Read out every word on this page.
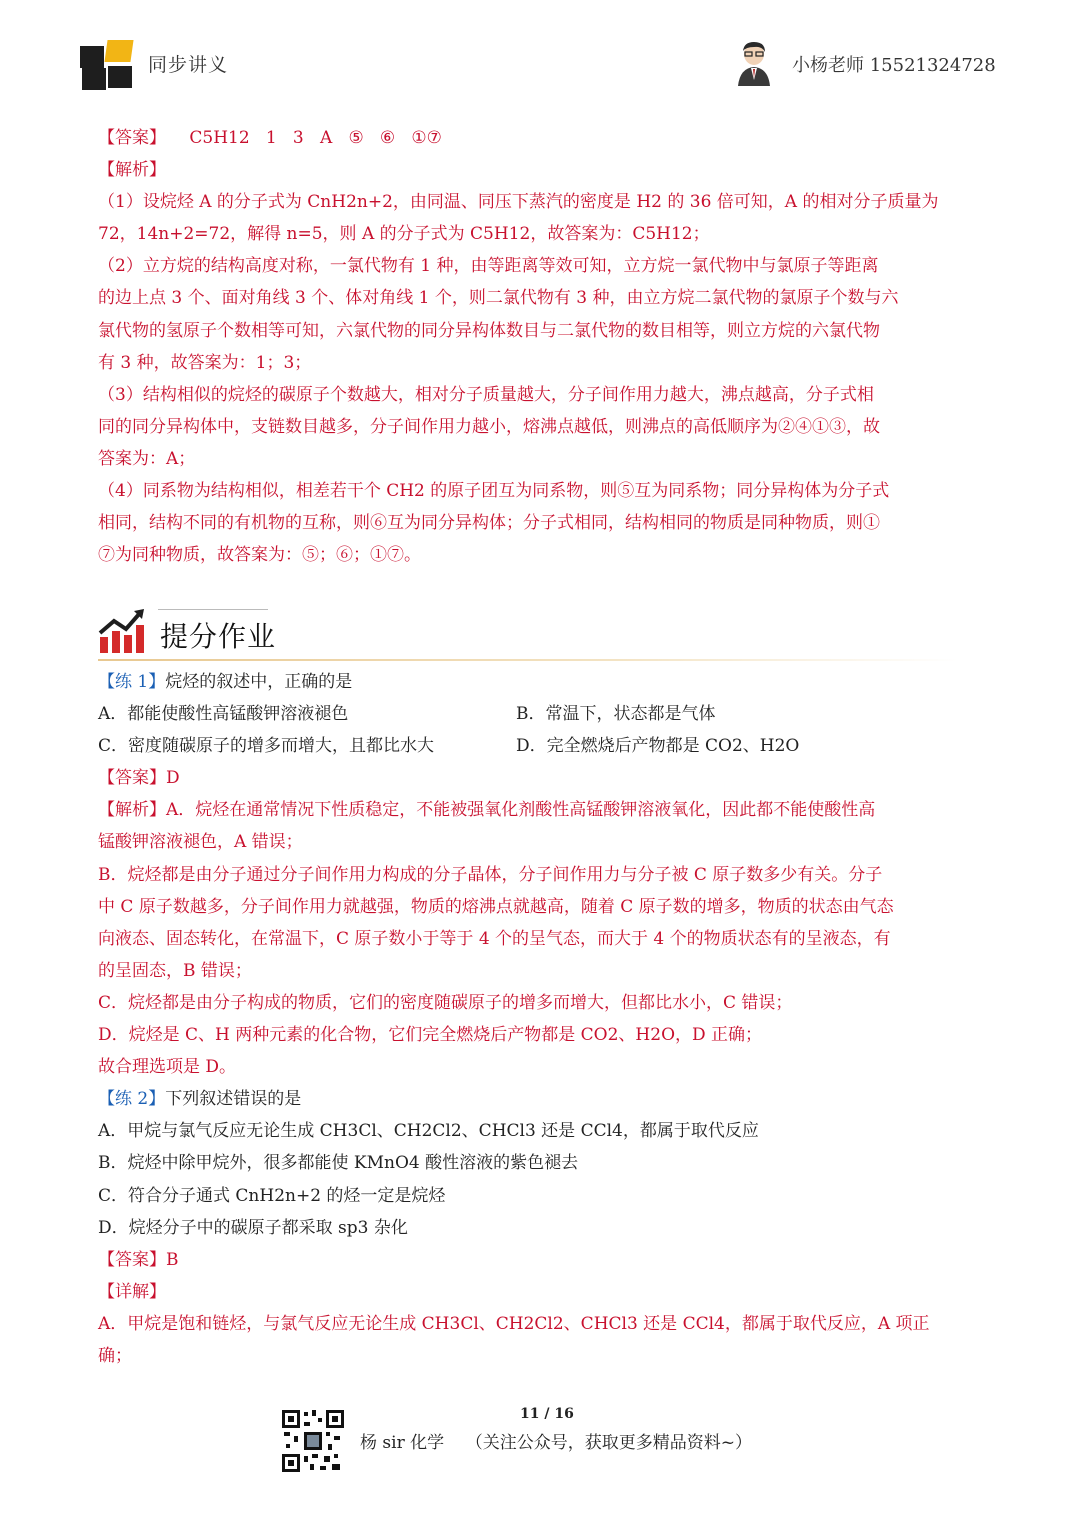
同步讲义	小杨老师 15521324728
【答案】 C5H12   1   3   A   ⑤   ⑥   ①⑦
【解析】
（1）设烷烃 A 的分子式为 CnH2n+2，由同温、同压下蒸汽的密度是 H2 的 36 倍可知，A 的相对分子质量为
72，14n+2=72，解得 n=5，则 A 的分子式为 C5H12，故答案为：C5H12；
（2）立方烷的结构高度对称，一氯代物有 1 种，由等距离等效可知，立方烷一氯代物中与氯原子等距离
的边上点 3 个、面对角线 3 个、体对角线 1 个，则二氯代物有 3 种，由立方烷二氯代物的氯原子个数与六
氯代物的氢原子个数相等可知，六氯代物的同分异构体数目与二氯代物的数目相等，则立方烷的六氯代物
有 3 种，故答案为：1；3；
（3）结构相似的烷烃的碳原子个数越大，相对分子质量越大，分子间作用力越大，沸点越高，分子式相
同的同分异构体中，支链数目越多，分子间作用力越小，熔沸点越低，则沸点的高低顺序为②④①③，故
答案为：A；
（4）同系物为结构相似，相差若干个 CH2 的原子团互为同系物，则⑤互为同系物；同分异构体为分子式
相同，结构不同的有机物的互称，则⑥互为同分异构体；分子式相同，结构相同的物质是同种物质，则①
⑦为同种物质，故答案为：⑤；⑥；①⑦。
提分作业
【练 1】烷烃的叙述中，正确的是
A．都能使酸性高锰酸钾溶液褪色	B．常温下，状态都是气体
C．密度随碳原子的增多而增大，且都比水大	D．完全燃烧后产物都是 CO2、H2O
【答案】D
【解析】A．烷烃在通常情况下性质稳定，不能被强氧化剂酸性高锰酸钾溶液氧化，因此都不能使酸性高
锰酸钾溶液褪色，A 错误；
B．烷烃都是由分子通过分子间作用力构成的分子晶体，分子间作用力与分子被 C 原子数多少有关。分子
中 C 原子数越多，分子间作用力就越强，物质的熔沸点就越高，随着 C 原子数的增多，物质的状态由气态
向液态、固态转化，在常温下，C 原子数小于等于 4 个的呈气态，而大于 4 个的物质状态有的呈液态，有
的呈固态，B 错误；
C．烷烃都是由分子构成的物质，它们的密度随碳原子的增多而增大，但都比水小，C 错误；
D．烷烃是 C、H 两种元素的化合物，它们完全燃烧后产物都是 CO2、H2O，D 正确；
故合理选项是 D。
【练 2】下列叙述错误的是
A．甲烷与氯气反应无论生成 CH3Cl、CH2Cl2、CHCl3 还是 CCl4，都属于取代反应
B．烷烃中除甲烷外，很多都能使 KMnO4 酸性溶液的紫色褪去
C．符合分子通式 CnH2n+2 的烃一定是烷烃
D．烷烃分子中的碳原子都采取 sp3 杂化
【答案】B
【详解】
A．甲烷是饱和链烃，与氯气反应无论生成 CH3Cl、CH2Cl2、CHCl3 还是 CCl4，都属于取代反应，A 项正
确；
11 / 16
杨 sir 化学    （关注公众号，获取更多精品资料~）
